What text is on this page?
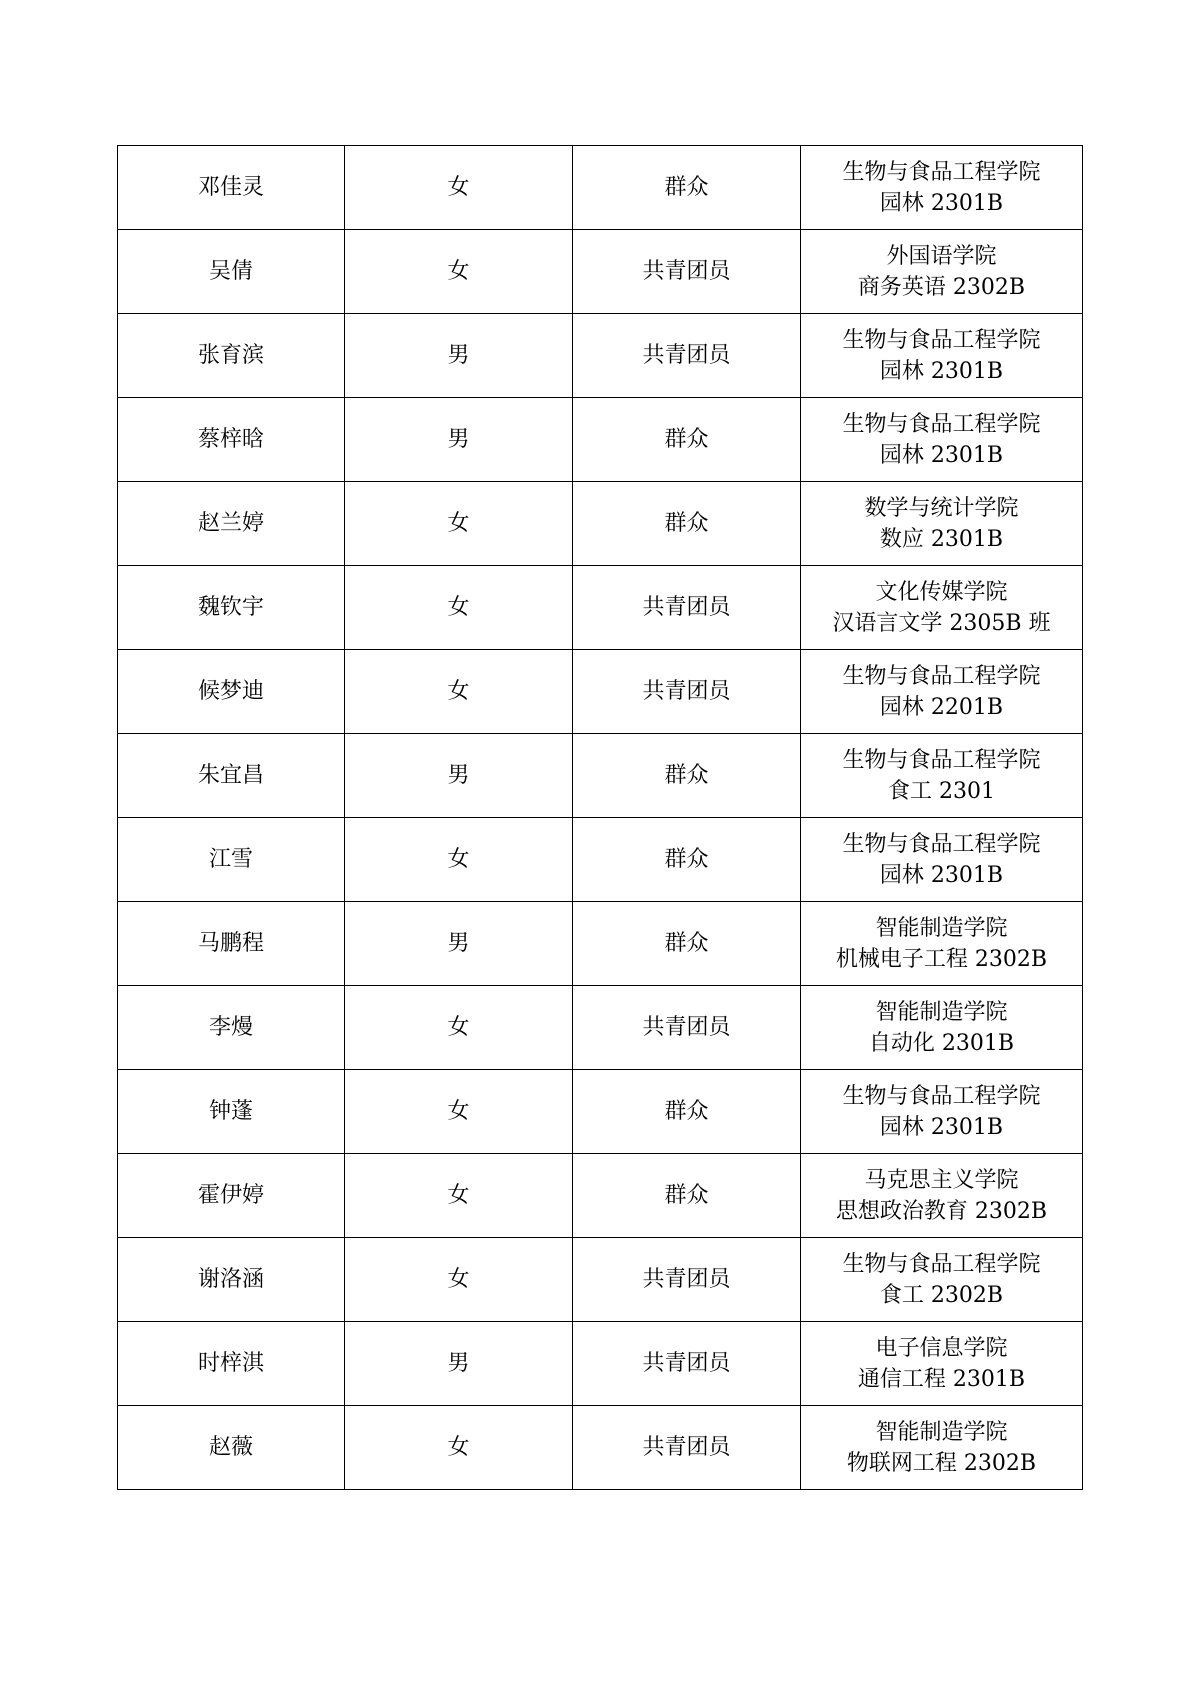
邓佳灵	女	群众	生物与食品工程学院
园林 2301B

吴倩	女	共青团员	外国语学院
商务英语 2302B

张育滨	男	共青团员	生物与食品工程学院
园林 2301B

蔡梓晗	男	群众	生物与食品工程学院
园林 2301B

赵兰婷	女	群众	数学与统计学院
数应 2301B

魏钦宇	女	共青团员	文化传媒学院
汉语言文学 2305B 班

候梦迪	女	共青团员	生物与食品工程学院
园林 2201B

朱宜昌	男	群众	生物与食品工程学院
食工 2301

江雪	女	群众	生物与食品工程学院
园林 2301B

马鹏程	男	群众	智能制造学院
机械电子工程 2302B

李熳	女	共青团员	智能制造学院
自动化 2301B

钟蓬	女	群众	生物与食品工程学院
园林 2301B

霍伊婷	女	群众	马克思主义学院
思想政治教育 2302B

谢洛涵	女	共青团员	生物与食品工程学院
食工 2302B

时梓淇	男	共青团员	电子信息学院
通信工程 2301B

赵薇	女	共青团员	智能制造学院
物联网工程 2302B
